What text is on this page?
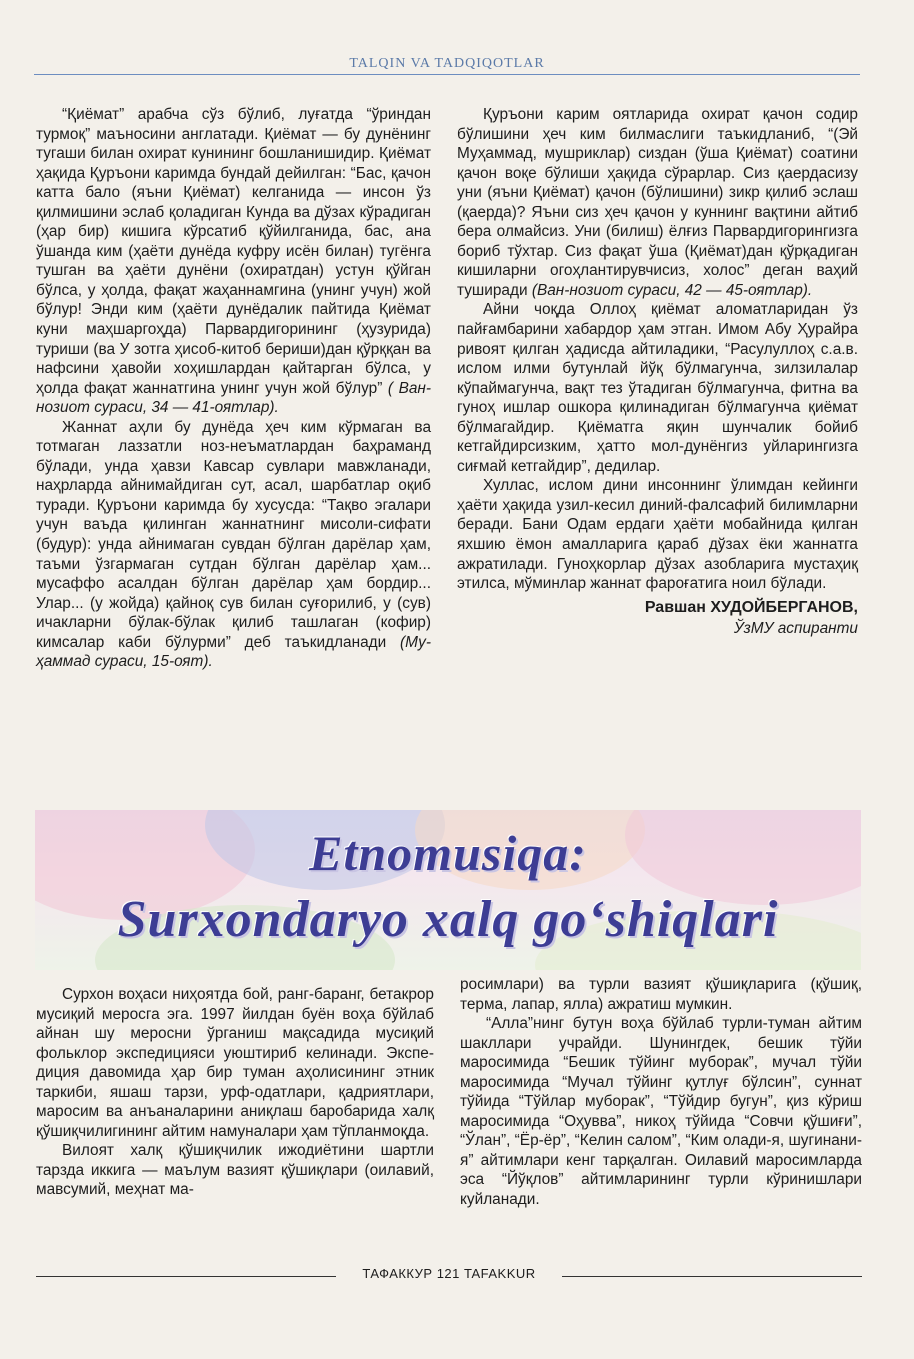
TALQIN VA TADQIQOTLAR

“Қиёмат” арабча сўз бўлиб, луғатда “ўриндан турмоқ” маъносини англатади. Қиёмат — бу дунёнинг тугаши билан охират кунининг бошланишидир. Қиёмат ҳақида Қуръони каримда бундай дейилган: “Бас, қачон катта бало (яъни Қиёмат) келганида — инсон ўз қилмишини эслаб қоладиган Кунда ва дўзах кўрадиган (ҳар бир) кишига кўрсатиб қўйилганида, бас, ана ўшанда ким (ҳаёти дунёда куфру исён билан) тугёнга тушган ва ҳаёти дунёни (охиратдан) устун қўйган бўлса, у ҳолда, фақат жаҳаннамгина (унинг учун) жой бўлур! Энди ким (ҳаёти дунёдалик пайтида Қиёмат куни маҳшаргоҳда) Парвардигорининг (ҳузурида) туриши (ва У зотга ҳисоб-китоб бериши)дан қўрққан ва нафсини ҳавойи хоҳишлардан қайтарган бўлса, у ҳолда фақат жаннатгина унинг учун жой бўлур” ( Ван-нозиот сураси, 34 — 41-оятлар).

Жаннат аҳли бу дунёда ҳеч ким кўрмаган ва тотмаган лаззатли ноз-неъматлардан баҳраманд бўлади, унда ҳавзи Кавсар сувлари мавжланади, наҳрларда айнимайдиган сут, асал, шарбатлар оқиб туради. Қуръони каримда бу хусусда: “Тақво эгалари учун ваъда қилинган жаннатнинг мисоли-сифати (будур): унда айнимаган сувдан бўлган дарёлар ҳам, таъми ўзгармаган сутдан бўлган дарёлар ҳам... мусаффо асалдан бўлган дарёлар ҳам бордир... Улар... (у жойда) қайноқ сув билан суғорилиб, у (сув) ичакларни бўлак-бўлак қилиб ташлаган (кофир) кимсалар каби бўлурми” деб таъкидланади (Муҳаммад сураси, 15-оят).

Қуръони карим оятларида охират қачон содир бўлишини ҳеч ким билмаслиги таъкидланиб, “(Эй Муҳаммад, мушриклар) сиздан (ўша Қиёмат) соатини қачон воқе бўлиши ҳақида сўрарлар. Сиз қаердасизу уни (яъни Қиёмат) қачон (бўлишини) зикр қилиб эслаш (қаерда)? Яъни сиз ҳеч қачон у куннинг вақтини айтиб бера олмайсиз. Уни (билиш) ёлғиз Парвардигорингизга бориб тўхтар. Сиз фақат ўша (Қиёмат)дан қўрқадиган кишиларни огоҳлантирувчисиз, холос” деган ваҳий туширади (Ван-нозиот сураси, 42 — 45-оятлар).

Айни чоқда Оллоҳ қиёмат аломатларидан ўз пайғамбарини хабардор ҳам этган. Имом Абу Ҳурайра ривоят қилган ҳадисда айтиладики, “Расулуллоҳ с.а.в. ислом илми бутунлай йўқ бўлмагунча, зилзилалар кўпаймагунча, вақт тез ўтадиган бўлмагунча, фитна ва гуноҳ ишлар ошкора қилинадиган бўлмагунча қиёмат бўлмагайдир. Қиёматга яқин шунчалик бойиб кетгайдирсизким, ҳатто мол-дунёнгиз уйларингизга сиғмай кетгайдир”, дедилар.

Хуллас, ислом дини инсоннинг ўлимдан кейинги ҳаёти ҳақида узил-кесил диний-фалсафий билимларни беради. Бани Одам ердаги ҳаёти мобайнида қилган яхшию ёмон амалларига қараб дўзах ёки жаннатга ажратилади. Гуноҳкорлар дўзах азобларига мустаҳиқ этилса, мўминлар жаннат фароғатига ноил бўлади.

Равшан ХУДОЙБЕРГАНОВ,

ЎзМУ аспиранти

Etnomusiqa:
Surxondaryo xalq go‘shiqlari

Сурхон воҳаси ниҳоятда бой, ранг-баранг, бетакрор мусиқий меросга эга. 1997 йилдан буён воҳа бўйлаб айнан шу меросни ўрганиш мақсадида мусиқий фольклор экспедицияси уюштириб келинади. Экспедиция давомида ҳар бир туман аҳолисининг этник таркиби, яшаш тарзи, урф-одатлари, қадриятлари, маросим ва анъаналарини аниқлаш баробарида халқ қўшиқчилигининг айтим намуналари ҳам тўпланмоқда.

Вилоят халқ қўшиқчилик ижодиётини шартли тарзда иккига — маълум вазият қўшиқлари (оилавий, мавсумий, меҳнат ма-

росимлари) ва турли вазият қўшиқларига (қўшиқ, терма, лапар, ялла) ажратиш мумкин.

“Алла”нинг бутун воҳа бўйлаб турли-туман айтим шакллари учрайди. Шунингдек, бешик тўйи маросимида “Бешик тўйинг муборак”, мучал тўйи маросимида “Мучал тўйинг қутлуғ бўлсин”, суннат тўйида “Тўйлар муборак”, “Тўйдир бугун”, қиз кўриш маросимида “Оҳувва”, никоҳ тўйида “Совчи қўшиғи”, “Ўлан”, “Ёр-ёр”, “Келин салом”, “Ким олади-я, шугинани-я” айтимлари кенг тарқалган. Оилавий маросимларда эса “Йўқлов” айтимларининг турли кўринишлари куйланади.

ТАФАККУР 121 TAFAKKUR
